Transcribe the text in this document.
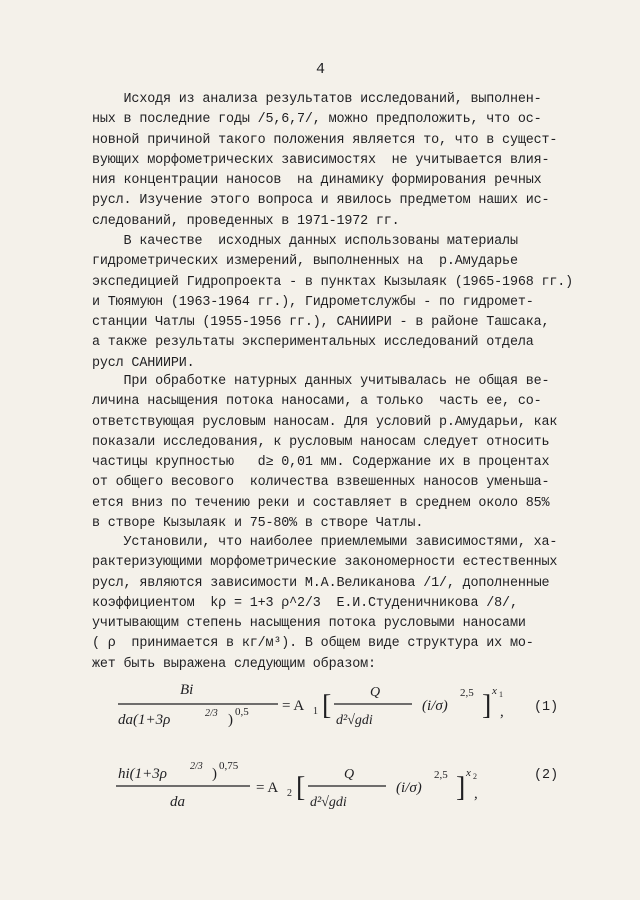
4
Исходя из анализа результатов исследований, выполнен-
ных в последние годы /5,6,7/, можно предположить, что ос-
новной причиной такого положения является то, что в сущест-
вующих морфометрических зависимостях  не учитывается влия-
ния концентрации наносов  на динамику формирования речных
русл. Изучение этого вопроса и явилось предметом наших ис-
следований, проведенных в 1971-1972 гг.
В качестве  исходных данных использованы материалы
гидрометрических измерений, выполненных на  р.Амударье
экспедицией Гидропроекта - в пунктах Кызылаяк (1965-1968 гг.)
и Тюямуюн (1963-1964 гг.), Гидрометслужбы - по гидромет-
станции Чатлы (1955-1956 гг.), САНИИРИ - в районе Ташсака,
а также результаты экспериментальных исследований отдела
русл САНИИРИ.
При обработке натурных данных учитывалась не общая ве-
личина насыщения потока наносами, а только  часть ее, со-
ответствующая русловым наносам. Для условий р.Амударьи, как
показали исследования, к русловым наносам следует относить
частицы крупностью   d≥ 0,01 мм. Содержание их в процентах
от общего весового  количества взвешенных наносов уменьша-
ется вниз по течению реки и составляет в среднем около 85%
в створе Кызылаяк и 75-80% в створе Чатлы.
Установили, что наиболее приемлемыми зависимостями, ха-
рактеризующими морфометрические закономерности естественных
русл, являются зависимости М.А.Великанова /1/, дополненные
коэффициентом  kρ = 1+3 ρ^2/3  Е.И.Студеничникова /8/,
учитывающим степень насыщения потока русловыми наносами
( ρ  принимается в кг/м³). В общем виде структура их мо-
жет быть выражена следующим образом:
Bi
da(1+3ρ	2/3 ) 0,5 = A 1 [	Q
d²√gdi
(i/σ)
2,5 ] x 1
, (1)
hi(1+3ρ 2/3 ) 0,75
da
= A 2 [	Q
d²√gdi
(i/σ)
2,5 ] x 2
,
(2)
